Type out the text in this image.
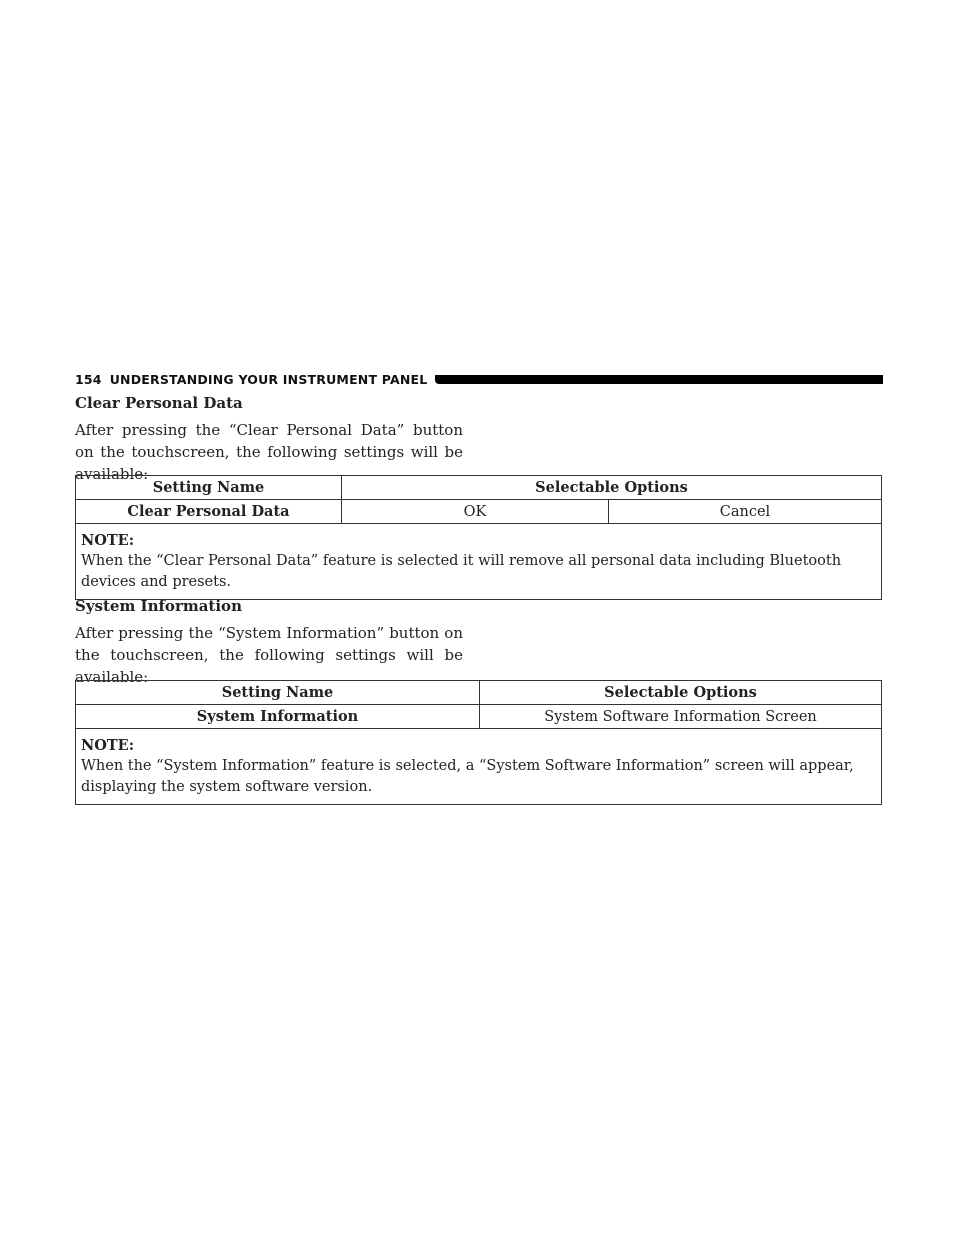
154 UNDERSTANDING YOUR INSTRUMENT PANEL
Clear Personal Data
After pressing the “Clear Personal Data” button on the touchscreen, the following settings will be available:
Setting Name	Selectable Options	
Clear Personal Data	OK	Cancel

NOTE:
When the “Clear Personal Data” feature is selected it will remove all personal data including Bluetooth devices and presets.		
System Information
After pressing the “System Information” button on the touchscreen, the following settings will be available:
Setting Name	Selectable Options
System Information	System Software Information Screen

NOTE:
When the “System Information” feature is selected, a “System Software Information” screen will appear, displaying the system software version.	
